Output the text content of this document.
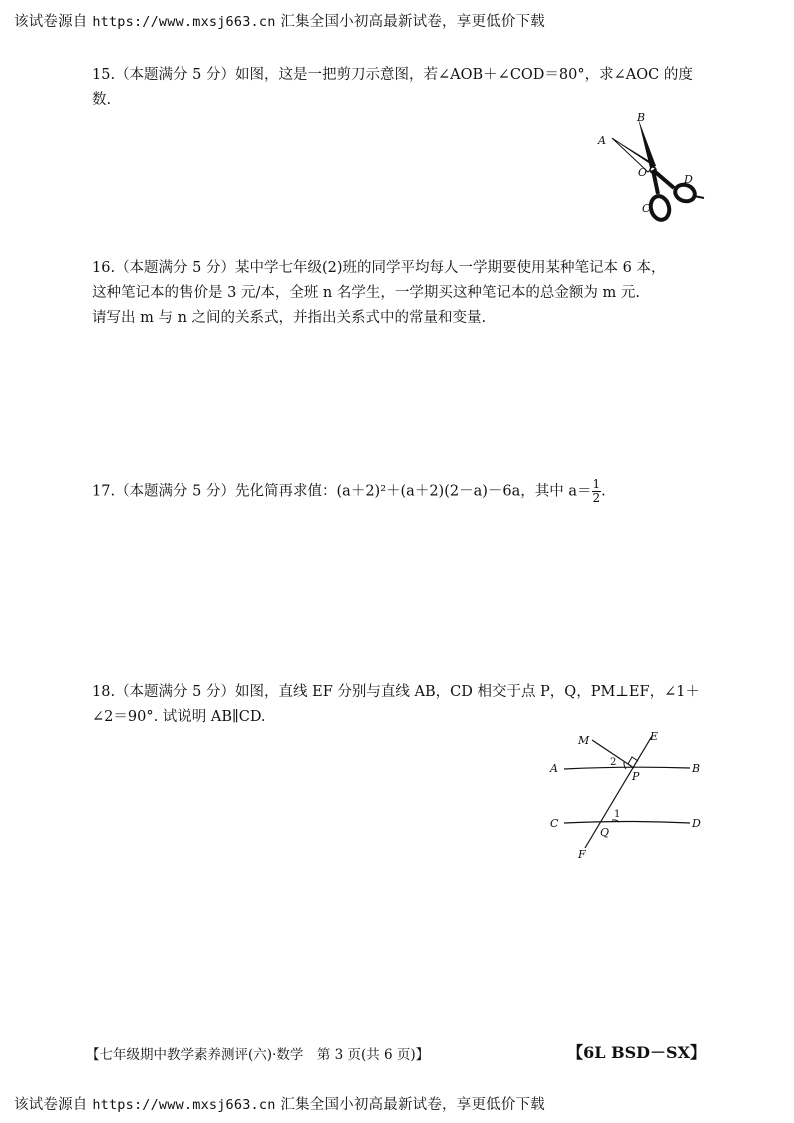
该试卷源自 https://www.mxsj663.cn 汇集全国小初高最新试卷，享更低价下载
15.（本题满分 5 分）如图，这是一把剪刀示意图，若∠AOB＋∠COD＝80°，求∠AOC 的度数.
A
B
O
C
D
16.（本题满分 5 分）某中学七年级(2)班的同学平均每人一学期要使用某种笔记本 6 本，
这种笔记本的售价是 3 元/本，全班 n 名学生，一学期买这种笔记本的总金额为 m 元.
请写出 m 与 n 之间的关系式，并指出关系式中的常量和变量.
17.（本题满分 5 分）先化简再求值：(a＋2)²＋(a＋2)(2－a)－6a，其中 $a= \frac{1}{2}$ .
18.（本题满分 5 分）如图，直线 EF 分别与直线 AB，CD 相交于点 P，Q，PM⊥EF，∠1＋
∠2＝90°. 试说明 AB∥CD.
M	E
A	B
P
C	D
Q
F
1
2
【七年级期中教学素养测评(六)·数学　第 3 页(共 6 页)】	【6L BSD－SX】
该试卷源自 https://www.mxsj663.cn 汇集全国小初高最新试卷，享更低价下载
